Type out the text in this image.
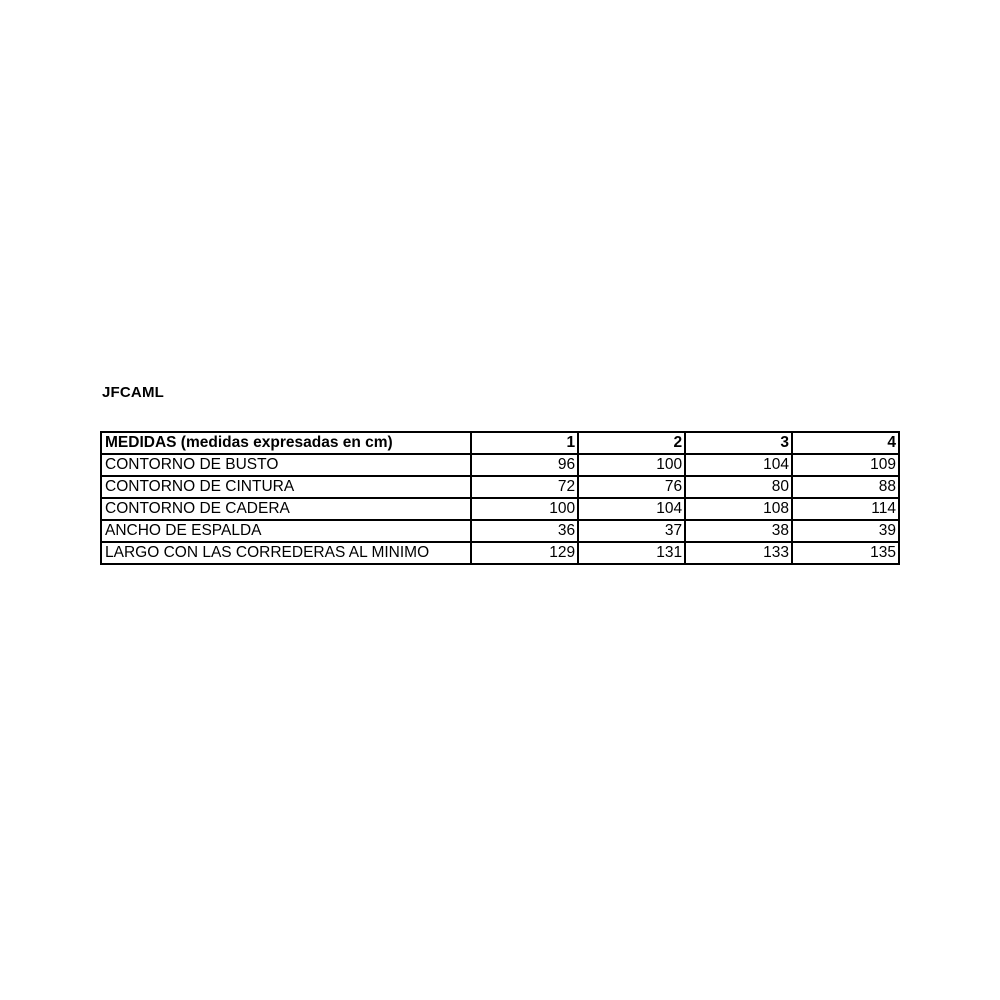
JFCAML
MEDIDAS (medidas expresadas en cm)	1	2	3	4
CONTORNO DE BUSTO	96	100	104	109
CONTORNO DE CINTURA	72	76	80	88
CONTORNO DE CADERA	100	104	108	114
ANCHO DE ESPALDA	36	37	38	39
LARGO CON LAS CORREDERAS AL MINIMO	129	131	133	135
